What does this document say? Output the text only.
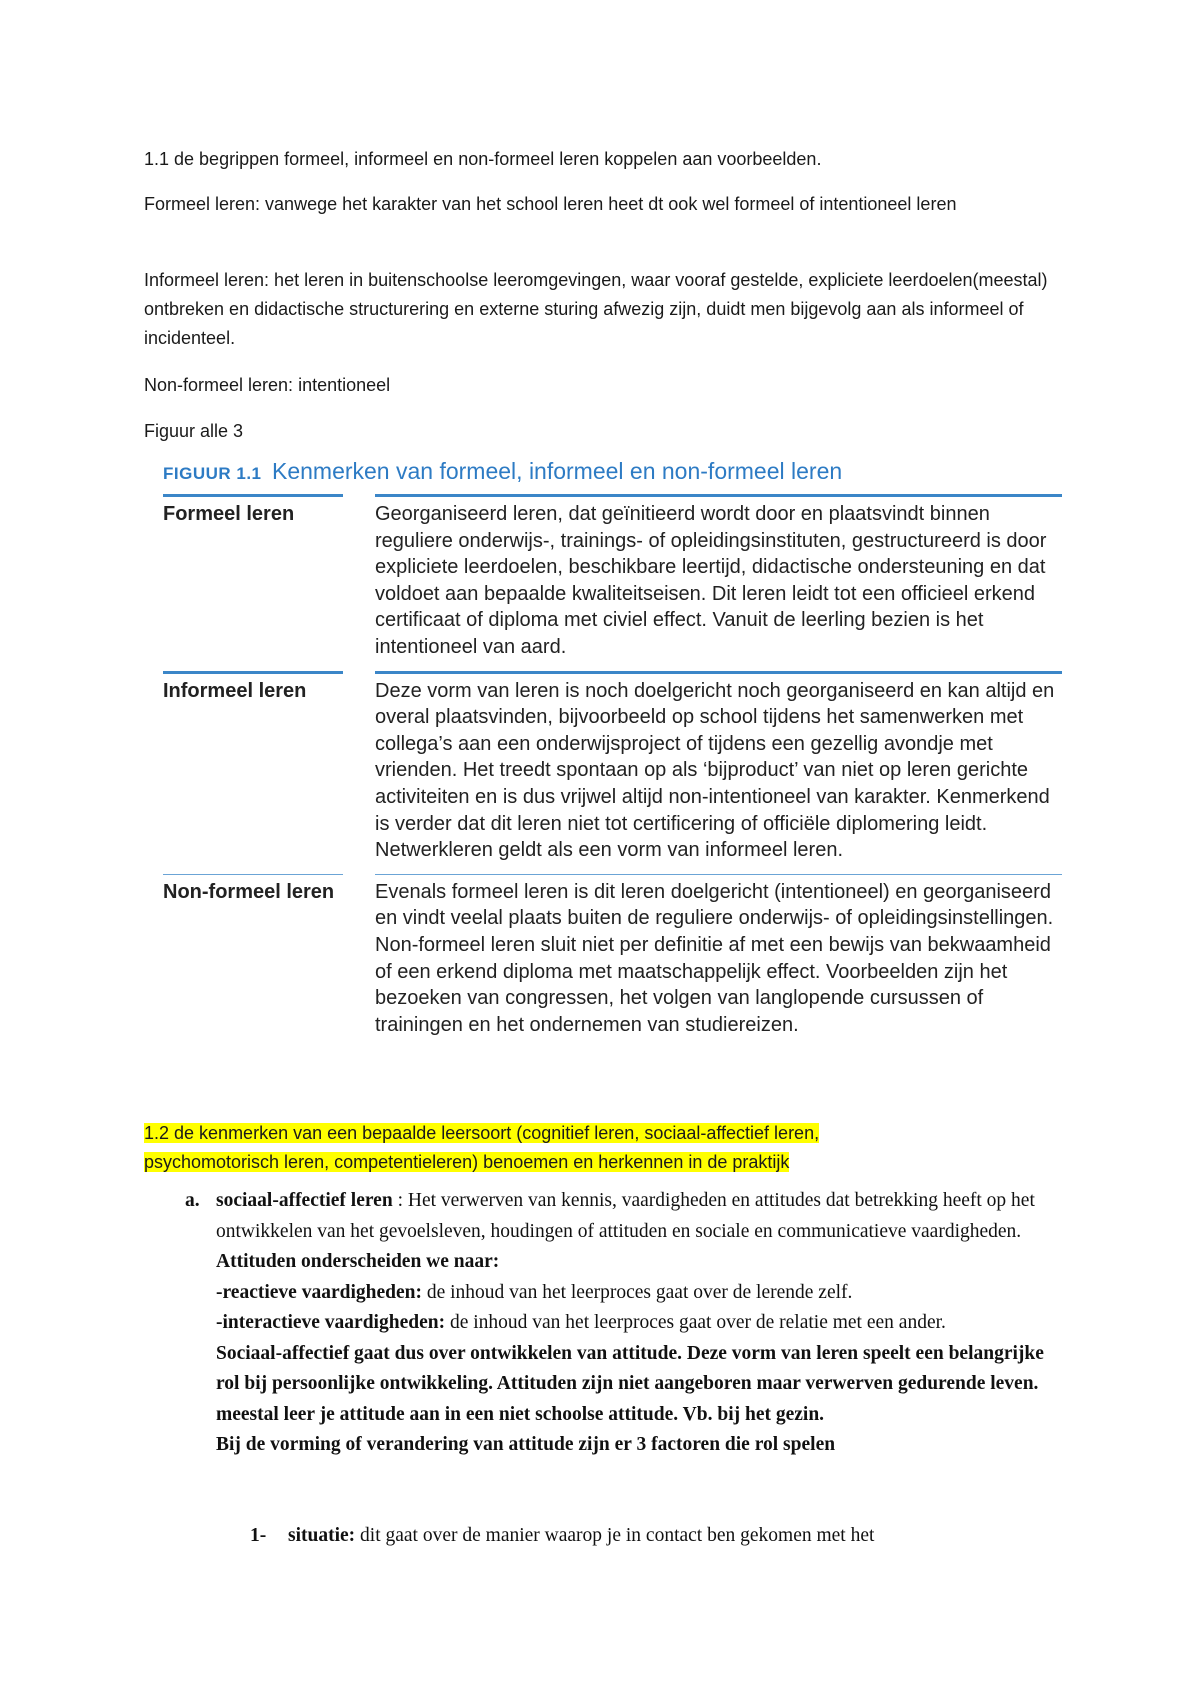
1.1 de begrippen formeel, informeel en non-formeel leren koppelen aan voorbeelden.

Formeel leren: vanwege het karakter van het school leren heet dt ook wel formeel of intentioneel leren

Informeel leren: het leren in buitenschoolse leeromgevingen, waar vooraf gestelde, expliciete leerdoelen(meestal) ontbreken en didactische structurering en externe sturing afwezig zijn, duidt men bijgevolg aan als informeel of incidenteel.

Non-formeel leren: intentioneel

Figuur alle 3

FIGUUR 1.1 Kenmerken van formeel, informeel en non-formeel leren
Formeel leren	Georganiseerd leren, dat geïnitieerd wordt door en plaatsvindt binnen reguliere onderwijs-, trainings- of opleidingsinstituten, gestructureerd is door expliciete leerdoelen, beschikbare leertijd, didactische ondersteuning en dat voldoet aan bepaalde kwaliteitseisen. Dit leren leidt tot een officieel erkend certificaat of diploma met civiel effect. Vanuit de leerling bezien is het intentioneel van aard.
Informeel leren	Deze vorm van leren is noch doelgericht noch georganiseerd en kan altijd en overal plaatsvinden, bijvoorbeeld op school tijdens het samenwerken met collega’s aan een onderwijsproject of tijdens een gezellig avondje met vrienden. Het treedt spontaan op als ‘bijproduct’ van niet op leren gerichte activiteiten en is dus vrijwel altijd non-intentioneel van karakter. Kenmerkend is verder dat dit leren niet tot certificering of officiële diplomering leidt. Netwerkleren geldt als een vorm van informeel leren.
Non-formeel leren	Evenals formeel leren is dit leren doelgericht (intentioneel) en georganiseerd en vindt veelal plaats buiten de reguliere onderwijs- of opleidingsinstellingen. Non-formeel leren sluit niet per definitie af met een bewijs van bekwaamheid of een erkend diploma met maatschappelijk effect. Voorbeelden zijn het bezoeken van congressen, het volgen van langlopende cursussen of trainingen en het ondernemen van studiereizen.

1.2 de kenmerken van een bepaalde leersoort (cognitief leren, sociaal-affectief leren,
psychomotorisch leren, competentieleren) benoemen en herkennen in de praktijk

a. sociaal-affectief leren : Het verwerven van kennis, vaardigheden en attitudes dat betrekking heeft op het ontwikkelen van het gevoelsleven, houdingen of attituden en sociale en communicatieve vaardigheden.
Attituden onderscheiden we naar:
-reactieve vaardigheden: de inhoud van het leerproces gaat over de lerende zelf.
-interactieve vaardigheden: de inhoud van het leerproces gaat over de relatie met een ander.
Sociaal-affectief gaat dus over ontwikkelen van attitude. Deze vorm van leren speelt een belangrijke rol bij persoonlijke ontwikkeling. Attituden zijn niet aangeboren maar verwerven gedurende leven. meestal leer je attitude aan in een niet schoolse attitude. Vb. bij het gezin.
Bij de vorming of verandering van attitude zijn er 3 factoren die rol spelen
1- situatie: dit gaat over de manier waarop je in contact ben gekomen met het
